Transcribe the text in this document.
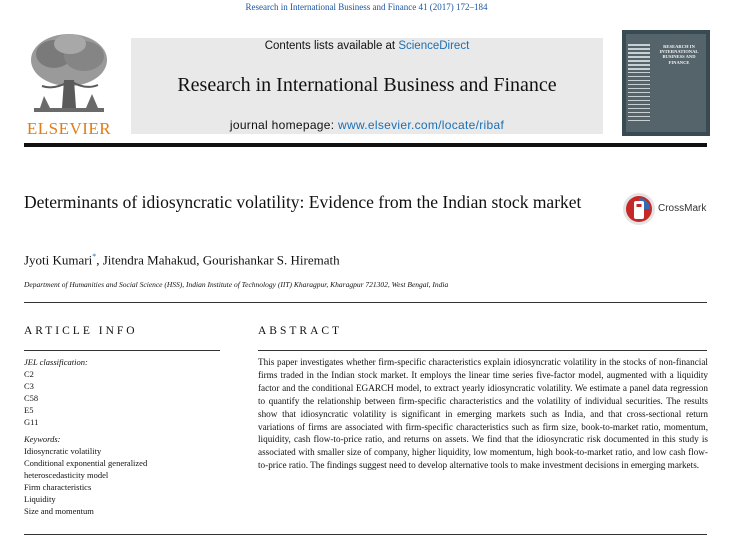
Research in International Business and Finance 41 (2017) 172–184
ELSEVIER
Contents lists available at ScienceDirect
Research in International Business and Finance
journal homepage: www.elsevier.com/locate/ribaf
RESEARCH IN INTERNATIONAL BUSINESS AND FINANCE
Determinants of idiosyncratic volatility: Evidence from the Indian stock market	CrossMark
Jyoti Kumari*, Jitendra Mahakud, Gourishankar S. Hiremath
Department of Humanities and Social Science (HSS), Indian Institute of Technology (IIT) Kharagpur, Kharagpur 721302, West Bengal, India
ARTICLE INFO
JEL classification:
C2
C3
C58
E5
G11
Keywords:
Idiosyncratic volatility
Conditional exponential generalized heteroscedasticity model
Firm characteristics
Liquidity
Size and momentum
ABSTRACT
This paper investigates whether firm-specific characteristics explain idiosyncratic volatility in the stocks of non-financial firms traded in the Indian stock market. It employs the linear time series five-factor model, augmented with a liquidity factor and the conditional EGARCH model, to extract yearly idiosyncratic volatility. We estimate a panel data regression to quantify the relationship between firm-specific characteristics and the volatility of individual securities. The results show that idiosyncratic volatility is significant in emerging markets such as India, and that cross-sectional return variations of firms are associated with firm-specific characteristics such as firm size, book-to-market ratio, momentum, liquidity, cash flow-to-price ratio, and returns on assets. We find that the idiosyncratic risk documented in this study is associated with smaller size of company, higher liquidity, low momentum, high book-to-market ratio, and low cash flow-to-price ratio. The findings suggest need to develop alternative tools to make investment decisions in emerging markets.
